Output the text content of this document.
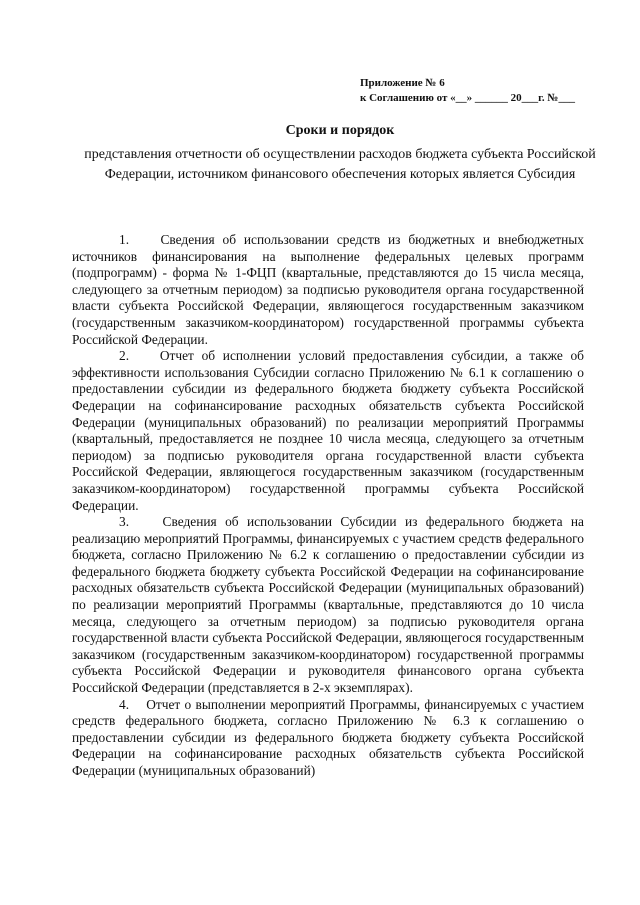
Приложение № 6
к Соглашению от «__» ______ 20___г. №___
Сроки и порядок
представления отчетности об осуществлении расходов бюджета субъекта Российской Федерации, источником финансового обеспечения которых является Субсидия

1.    Сведения об использовании средств из бюджетных и внебюджетных источников финансирования на выполнение федеральных целевых программ (подпрограмм) - форма № 1-ФЦП (квартальные, представляются до 15 числа месяца, следующего за отчетным периодом) за подписью руководителя органа государственной власти субъекта Российской Федерации, являющегося государственным заказчиком (государственным заказчиком-координатором) государственной программы субъекта Российской Федерации.

2.    Отчет об исполнении условий предоставления субсидии, а также об эффективности использования Субсидии согласно Приложению № 6.1 к соглашению о предоставлении субсидии из федерального бюджета бюджету субъекта Российской Федерации на софинансирование расходных обязательств субъекта Российской Федерации (муниципальных образований) по реализации мероприятий Программы (квартальный, предоставляется не позднее 10 числа месяца, следующего за отчетным периодом) за подписью руководителя органа государственной власти субъекта Российской Федерации, являющегося государственным заказчиком (государственным заказчиком-координатором) государственной программы субъекта Российской Федерации.

3.    Сведения об использовании Субсидии из федерального бюджета на реализацию мероприятий Программы, финансируемых с участием средств федерального бюджета, согласно Приложению № 6.2 к соглашению о предоставлении субсидии из федерального бюджета бюджету субъекта Российской Федерации на софинансирование расходных обязательств субъекта Российской Федерации (муниципальных образований) по реализации мероприятий Программы (квартальные, представляются до 10 числа месяца, следующего за отчетным периодом) за подписью руководителя органа государственной власти субъекта Российской Федерации, являющегося государственным заказчиком (государственным заказчиком-координатором) государственной программы субъекта Российской Федерации и руководителя финансового органа субъекта Российской Федерации (представляется в 2-х экземплярах).

4.    Отчет о выполнении мероприятий Программы, финансируемых с участием средств федерального бюджета, согласно Приложению № 6.3 к соглашению о предоставлении субсидии из федерального бюджета бюджету субъекта Российской Федерации на софинансирование расходных обязательств субъекта Российской Федерации (муниципальных образований)
